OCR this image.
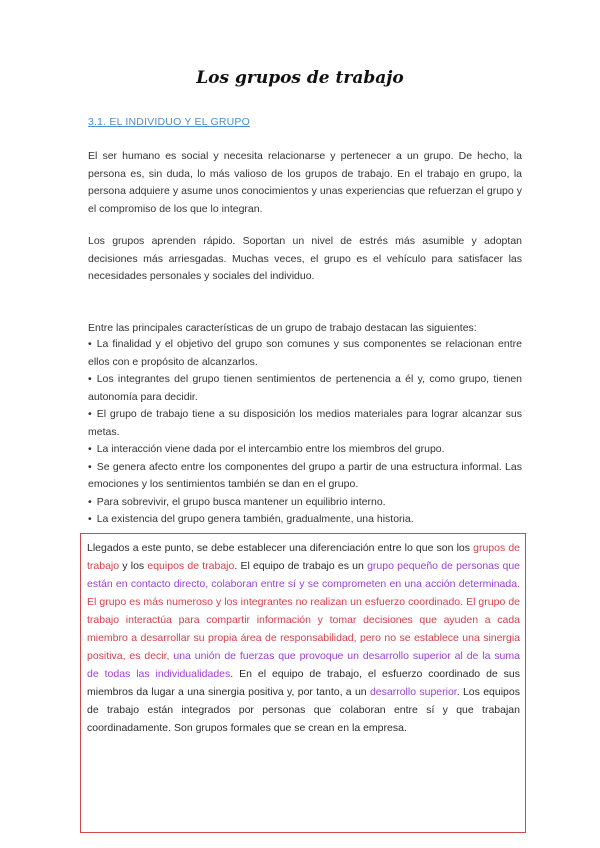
Los grupos de trabajo
3.1. EL INDIVIDUO Y EL GRUPO
El ser humano es social y necesita relacionarse y pertenecer a un grupo. De hecho, la persona es, sin duda, lo más valioso de los grupos de trabajo. En el trabajo en grupo, la persona adquiere y asume unos conocimientos y unas experiencias que refuerzan el grupo y el compromiso de los que lo integran.
Los grupos aprenden rápido. Soportan un nivel de estrés más asumible y adoptan decisiones más arriesgadas. Muchas veces, el grupo es el vehículo para satisfacer las necesidades personales y sociales del individuo.
Entre las principales características de un grupo de trabajo destacan las siguientes:
• La finalidad y el objetivo del grupo son comunes y sus componentes se relacionan entre ellos con e propósito de alcanzarlos.
• Los integrantes del grupo tienen sentimientos de pertenencia a él y, como grupo, tienen autonomía para decidir.
• El grupo de trabajo tiene a su disposición los medios materiales para lograr alcanzar sus metas.
• La interacción viene dada por el intercambio entre los miembros del grupo.
• Se genera afecto entre los componentes del grupo a partir de una estructura informal. Las emociones y los sentimientos también se dan en el grupo.
• Para sobrevivir, el grupo busca mantener un equilibrio interno.
• La existencia del grupo genera también, gradualmente, una historia.
Llegados a este punto, se debe establecer una diferenciación entre lo que son los grupos de trabajo y los equipos de trabajo. El equipo de trabajo es un grupo pequeño de personas que están en contacto directo, colaboran entre sí y se comprometen en una acción determinada. El grupo es más numeroso y los integrantes no realizan un esfuerzo coordinado. El grupo de trabajo interactúa para compartir información y tomar decisiones que ayuden a cada miembro a desarrollar su propia área de responsabilidad, pero no se establece una sinergia positiva, es decir, una unión de fuerzas que provoque un desarrollo superior al de la suma de todas las individualidades. En el equipo de trabajo, el esfuerzo coordinado de sus miembros da lugar a una sinergia positiva y, por tanto, a un desarrollo superior. Los equipos de trabajo están integrados por personas que colaboran entre sí y que trabajan coordinadamente. Son grupos formales que se crean en la empresa.
